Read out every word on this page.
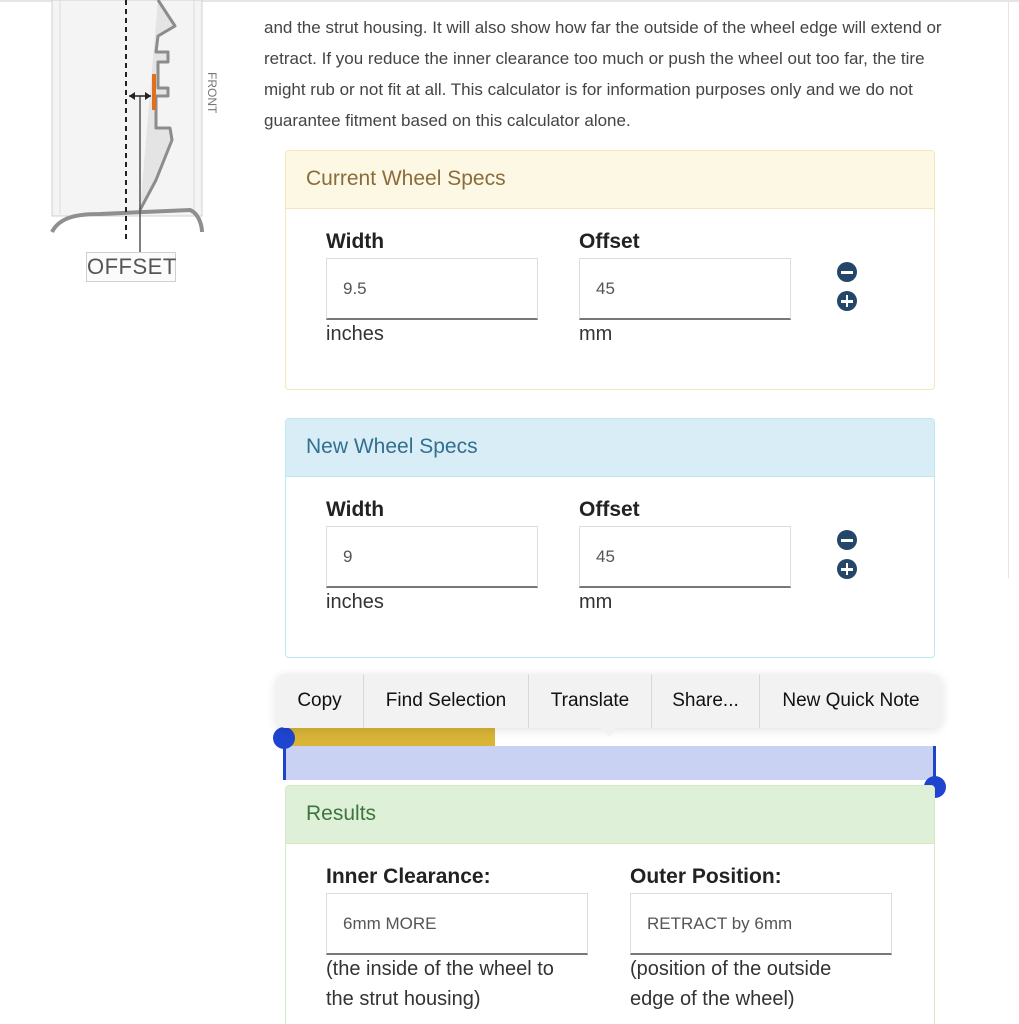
FRONT
OFFSET
and the strut housing. It will also show how far the outside of the wheel edge will extend or
retract. If you reduce the inner clearance too much or push the wheel out too far, the tire
might rub or not fit at all. This calculator is for information purposes only and we do not
guarantee fitment based on this calculator alone.
Current Wheel Specs
Width
9.5
inches
Offset
45
mm
New Wheel Specs
Width
9
inches
Offset
45
mm
Copy	Find Selection	Translate	Share...	New Quick Note
Results
Inner Clearance:
6mm MORE
(the inside of the wheel to
the strut housing)
Outer Position:
RETRACT by 6mm
(position of the outside
edge of the wheel)
